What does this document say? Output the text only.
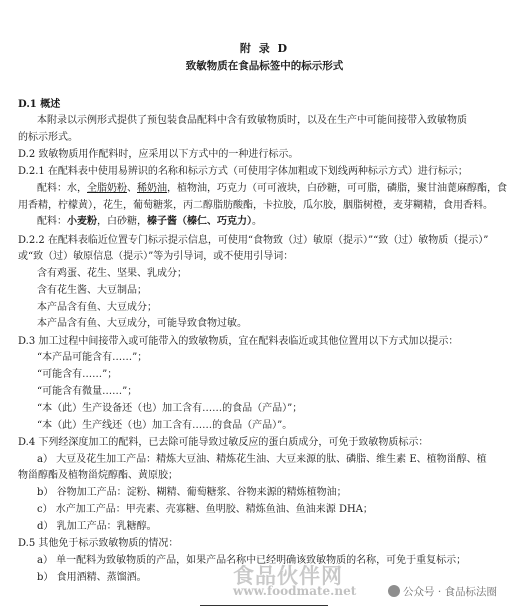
附 录 D
致敏物质在食品标签中的标示形式
D.1 概述
本附录以示例形式提供了预包装食品配料中含有致敏物质时，以及在生产中可能间接带入致敏物质
的标示形式。
D.2 致敏物质用作配料时，应采用以下方式中的一种进行标示。
D.2.1 在配料表中使用易辨识的名称和标示方式（可使用字体加粗或下划线两种标示方式）进行标示；
配料：水，全脂奶粉、稀奶油，植物油，巧克力（可可液块，白砂糖，可可脂，磷脂，聚甘油蓖麻醇酯，食
用香精，柠檬黄），花生，葡萄糖浆，丙二醇脂肪酸酯，卡拉胶，瓜尔胶，胭脂树橙，麦芽糊精，食用香料。
配料：小麦粉，白砂糖，榛子酱（榛仁、巧克力）。
D.2.2 在配料表临近位置专门标示提示信息，可使用“食物致（过）敏原（提示）”“致（过）敏物质（提示）”
或“致（过）敏原信息（提示）”等为引导词，或不使用引导词：
含有鸡蛋、花生、坚果、乳成分；
含有花生酱、大豆制品；
本产品含有鱼、大豆成分；
本产品含有鱼、大豆成分，可能导致食物过敏。
D.3 加工过程中间接带入或可能带入的致敏物质，宜在配料表临近或其他位置用以下方式加以提示：
“本产品可能含有……”；
“可能含有……”；
“可能含有微量……”；
“本（此）生产设备还（也）加工含有……的食品（产品）”；
“本（此）生产线还（也）加工含有……的食品（产品）”。
D.4 下列经深度加工的配料，已去除可能导致过敏反应的蛋白质成分，可免于致敏物质标示：
a） 大豆及花生加工产品：精炼大豆油、精炼花生油、大豆来源的肽、磷脂、维生素 E、植物甾醇、植
物甾醇酯及植物甾烷醇酯、黄原胶；
b） 谷物加工产品：淀粉、糊精、葡萄糖浆、谷物来源的精炼植物油；
c） 水产加工产品：甲壳素、壳寡糖、鱼明胶、精炼鱼油、鱼油来源 DHA；
d） 乳加工产品：乳糖醇。
D.5 其他免于标示致敏物质的情况：
a） 单一配料为致敏物质的产品，如果产品名称中已经明确该致敏物质的名称，可免于重复标示；
b） 食用酒精、蒸馏酒。	食品伙伴网
www.foodmate.net	公众号 · 食品标法圈
